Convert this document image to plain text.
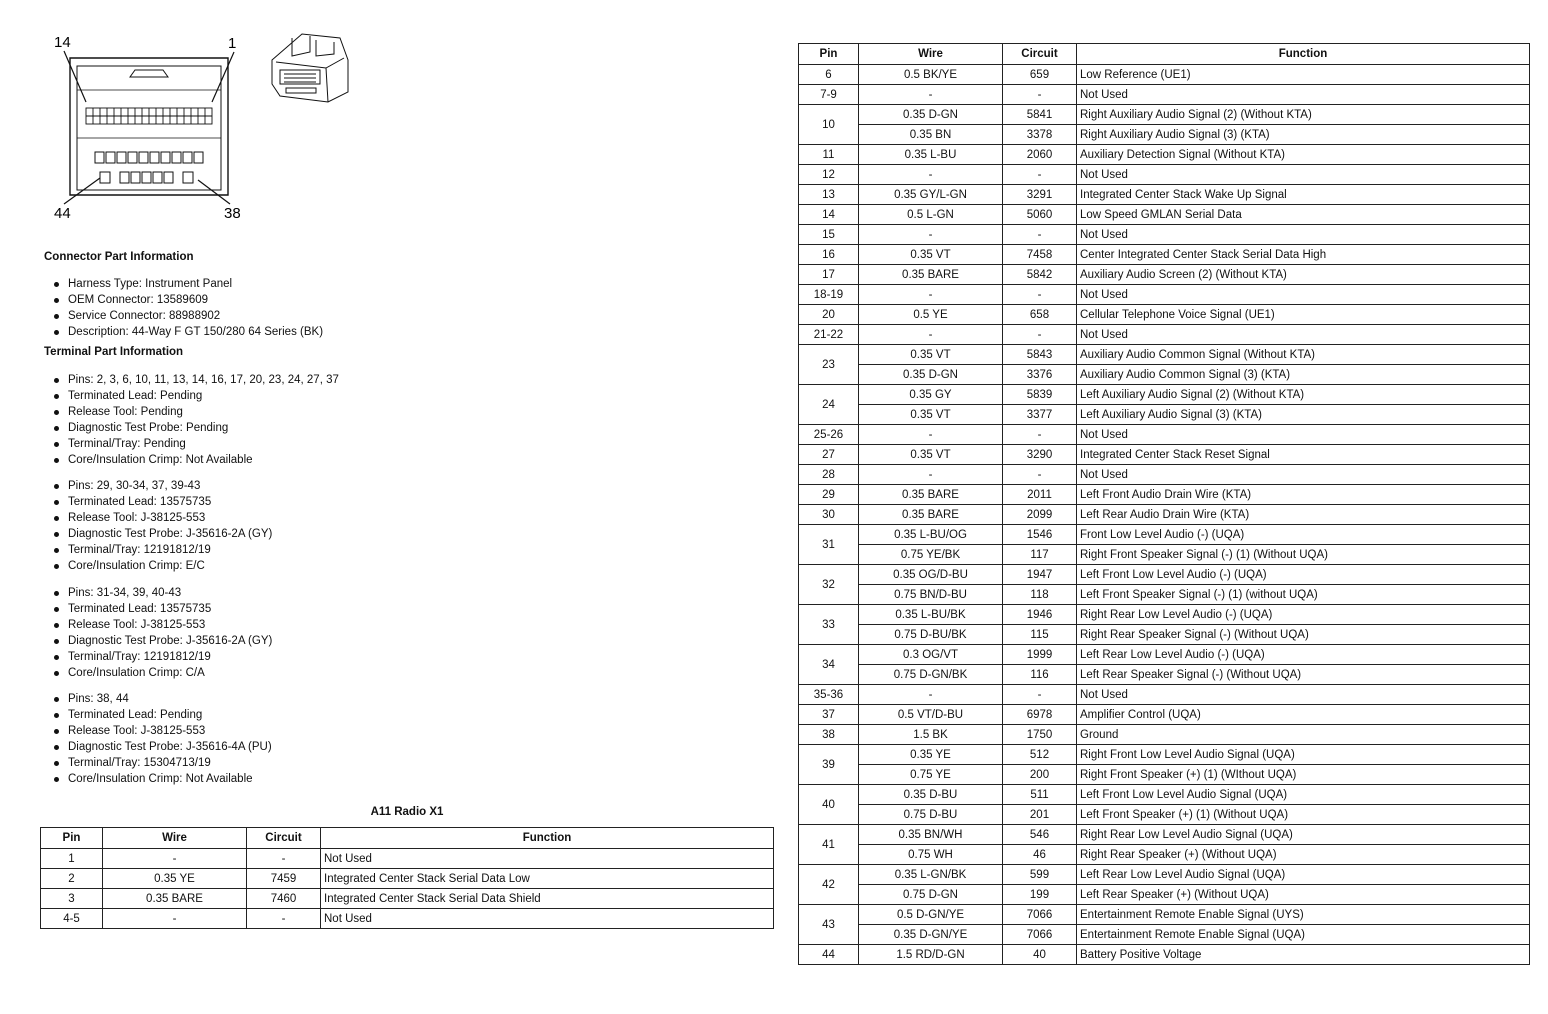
14	1
44	38
Connector Part Information
Harness Type: Instrument Panel
OEM Connector: 13589609
Service Connector: 88988902
Description: 44-Way F GT 150/280 64 Series (BK)
Terminal Part Information
Pins: 2, 3, 6, 10, 11, 13, 14, 16, 17, 20, 23, 24, 27, 37
Terminated Lead: Pending
Release Tool: Pending
Diagnostic Test Probe: Pending
Terminal/Tray: Pending
Core/Insulation Crimp: Not Available
Pins: 29, 30-34, 37, 39-43
Terminated Lead: 13575735
Release Tool: J-38125-553
Diagnostic Test Probe: J-35616-2A (GY)
Terminal/Tray: 12191812/19
Core/Insulation Crimp: E/C
Pins: 31-34, 39, 40-43
Terminated Lead: 13575735
Release Tool: J-38125-553
Diagnostic Test Probe: J-35616-2A (GY)
Terminal/Tray: 12191812/19
Core/Insulation Crimp: C/A
Pins: 38, 44
Terminated Lead: Pending
Release Tool: J-38125-553
Diagnostic Test Probe: J-35616-4A (PU)
Terminal/Tray: 15304713/19
Core/Insulation Crimp: Not Available
A11 Radio X1
Pin	Wire	Circuit	Function
1	-	-	Not Used
2	0.35 YE	7459	Integrated Center Stack Serial Data Low
3	0.35 BARE	7460	Integrated Center Stack Serial Data Shield
4-5	-	-	Not Used
Pin	Wire	Circuit	Function
6	0.5 BK/YE	659	Low Reference (UE1)
7-9	-	-	Not Used
10	0.35 D-GN	5841	Right Auxiliary Audio Signal (2) (Without KTA)
	0.35 BN	3378	Right Auxiliary Audio Signal (3) (KTA)
11	0.35 L-BU	2060	Auxiliary Detection Signal (Without KTA)
12	-	-	Not Used
13	0.35 GY/L-GN	3291	Integrated Center Stack Wake Up Signal
14	0.5 L-GN	5060	Low Speed GMLAN Serial Data
15	-	-	Not Used
16	0.35 VT	7458	Center Integrated Center Stack Serial Data High
17	0.35 BARE	5842	Auxiliary Audio Screen (2) (Without KTA)
18-19	-	-	Not Used
20	0.5 YE	658	Cellular Telephone Voice Signal (UE1)
21-22	-	-	Not Used
23	0.35 VT	5843	Auxiliary Audio Common Signal (Without KTA)
	0.35 D-GN	3376	Auxiliary Audio Common Signal (3) (KTA)
24	0.35 GY	5839	Left Auxiliary Audio Signal (2) (Without KTA)
	0.35 VT	3377	Left Auxiliary Audio Signal (3) (KTA)
25-26	-	-	Not Used
27	0.35 VT	3290	Integrated Center Stack Reset Signal
28	-	-	Not Used
29	0.35 BARE	2011	Left Front Audio Drain Wire (KTA)
30	0.35 BARE	2099	Left Rear Audio Drain Wire (KTA)
31	0.35 L-BU/OG	1546	Front Low Level Audio (-) (UQA)
	0.75 YE/BK	117	Right Front Speaker Signal (-) (1) (Without UQA)
32	0.35 OG/D-BU	1947	Left Front Low Level Audio (-) (UQA)
	0.75 BN/D-BU	118	Left Front Speaker Signal (-) (1) (without UQA)
33	0.35 L-BU/BK	1946	Right Rear Low Level Audio (-) (UQA)
	0.75 D-BU/BK	115	Right Rear Speaker Signal (-) (Without UQA)
34	0.3 OG/VT	1999	Left Rear Low Level Audio (-) (UQA)
	0.75 D-GN/BK	116	Left Rear Speaker Signal (-) (Without UQA)
35-36	-	-	Not Used
37	0.5 VT/D-BU	6978	Amplifier Control (UQA)
38	1.5 BK	1750	Ground
39	0.35 YE	512	Right Front Low Level Audio Signal (UQA)
	0.75 YE	200	Right Front Speaker (+) (1) (WIthout UQA)
40	0.35 D-BU	511	Left Front Low Level Audio Signal (UQA)
	0.75 D-BU	201	Left Front Speaker (+) (1) (Without UQA)
41	0.35 BN/WH	546	Right Rear Low Level Audio Signal (UQA)
	0.75 WH	46	Right Rear Speaker (+) (Without UQA)
42	0.35 L-GN/BK	599	Left Rear Low Level Audio Signal (UQA)
	0.75 D-GN	199	Left Rear Speaker (+) (Without UQA)
43	0.5 D-GN/YE	7066	Entertainment Remote Enable Signal (UYS)
	0.35 D-GN/YE	7066	Entertainment Remote Enable Signal (UQA)
44	1.5 RD/D-GN	40	Battery Positive Voltage
